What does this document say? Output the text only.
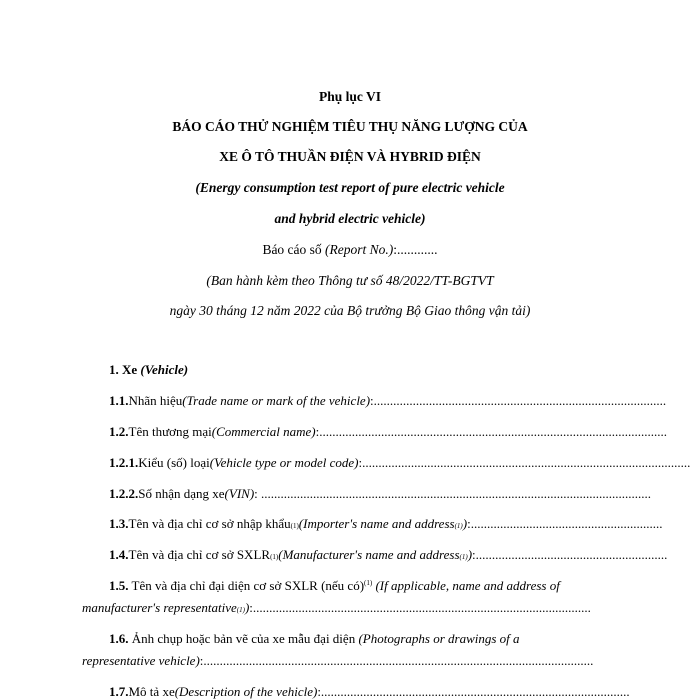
Phụ lục VI
BÁO CÁO THỬ NGHIỆM TIÊU THỤ NĂNG LƯỢNG CỦA
XE Ô TÔ THUẦN ĐIỆN VÀ HYBRID ĐIỆN
(Energy consumption test report of pure electric vehicle
and hybrid electric vehicle)
Báo cáo số (Report No.):............
(Ban hành kèm theo Thông tư số 48/2022/TT-BGTVT
ngày 30 tháng 12 năm 2022 của Bộ trưởng Bộ Giao thông vận tải)
1. Xe (Vehicle)
1.1. Nhãn hiệu (Trade name or mark of the vehicle) :..........................................................................................
1.2. Tên thương mại (Commercial name) :...........................................................................................................
1.2.1. Kiểu (số) loại (Vehicle type or model code) :.....................................................................................................
1.2.2. Số nhận dạng xe (VIN) : ........................................................................................................................
1.3. Tên và địa chỉ cơ sở nhập khẩu (1) (Importer's name and address (1) ) :...........................................................
1.4. Tên và địa chỉ cơ sở SXLR (1) (Manufacturer's name and address (1) ) :...........................................................
1.5. Tên và địa chỉ đại diện cơ sở SXLR (nếu có)$^{(1)}$ (If applicable, name and address of
manufacturer's representative (1) ) :........................................................................................................
1.6. Ảnh chụp hoặc bản vẽ của xe mẫu đại diện (Photographs or drawings of a
representative vehicle) :........................................................................................................................
1.7. Mô tả xe (Description of the vehicle) :...............................................................................................
